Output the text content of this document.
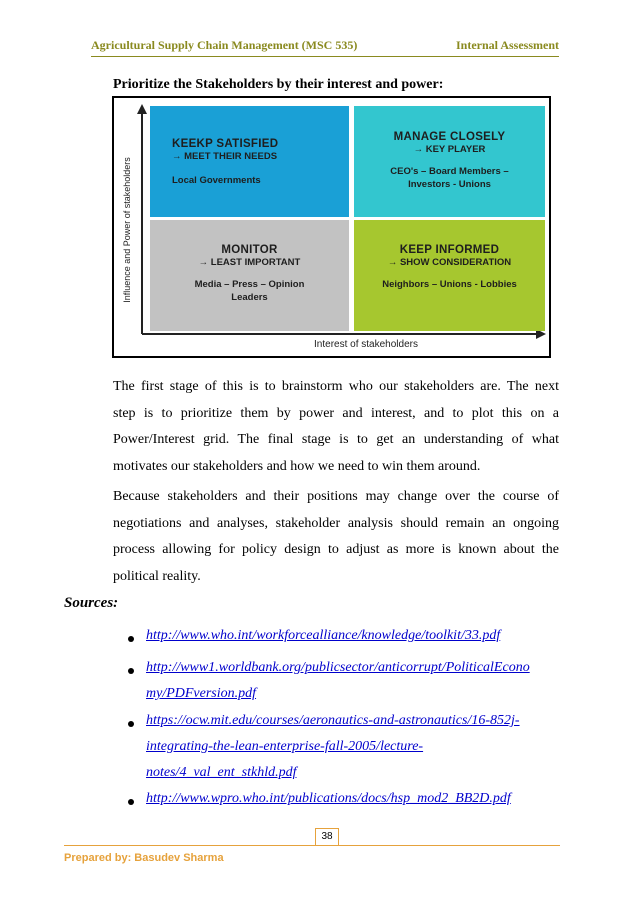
Agricultural Supply Chain Management (MSC 535)	Internal Assessment
Prioritize the Stakeholders by their interest and power:
Influence and Power of stakeholders
KEEKP SATISFIED
→ MEET THEIR NEEDS
Local Governments
MANAGE CLOSELY
→ KEY PLAYER
CEO's – Board Members –
Investors - Unions
MONITOR
→ LEAST IMPORTANT
Media – Press – Opinion
Leaders
KEEP INFORMED
→ SHOW CONSIDERATION
Neighbors – Unions - Lobbies
Interest of stakeholders
The first stage of this is to brainstorm who our stakeholders are. The next
step is to prioritize them by power and interest, and to plot this on a
Power/Interest grid. The final stage is to get an understanding of what
motivates our stakeholders and how we need to win them around.
Because stakeholders and their positions may change over the course of
negotiations and analyses, stakeholder analysis should remain an ongoing
process allowing for policy design to adjust as more is known about the
political reality.
Sources:
http://www.who.int/workforcealliance/knowledge/toolkit/33.pdf
http://www1.worldbank.org/publicsector/anticorrupt/PoliticalEcono
my/PDFversion.pdf
https://ocw.mit.edu/courses/aeronautics-and-astronautics/16-852j-
integrating-the-lean-enterprise-fall-2005/lecture-
notes/4_val_ent_stkhld.pdf
http://www.wpro.who.int/publications/docs/hsp_mod2_BB2D.pdf
38
Prepared by: Basudev Sharma
